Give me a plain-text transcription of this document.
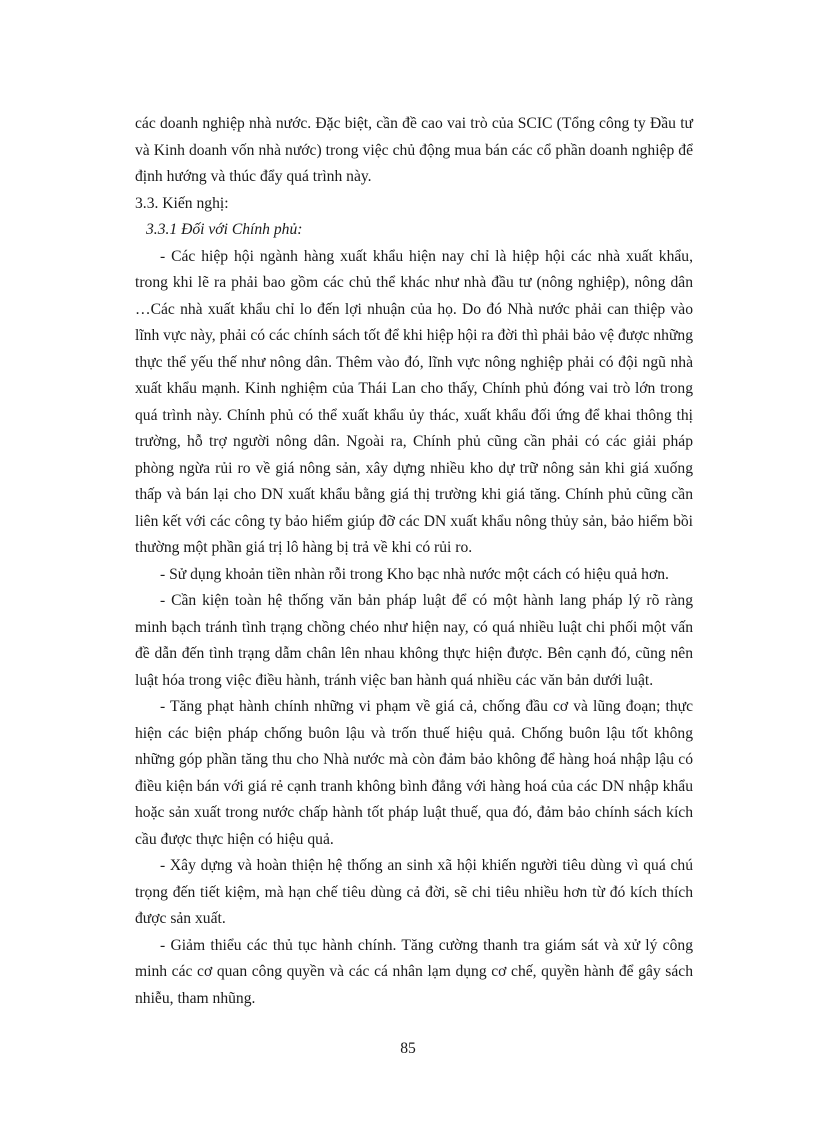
các doanh nghiệp nhà nước. Đặc biệt, cần đề cao vai trò của SCIC (Tổng công ty Đầu tư và Kinh doanh vốn nhà nước) trong việc chủ động mua bán các cổ phần doanh nghiệp để định hướng và thúc đẩy quá trình này.

3.3. Kiến nghị:

3.3.1 Đối với Chính phủ:

- Các hiệp hội ngành hàng xuất khẩu hiện nay chỉ là hiệp hội các nhà xuất khẩu, trong khi lẽ ra phải bao gồm các chủ thể khác như nhà đầu tư (nông nghiệp), nông dân …Các nhà xuất khẩu chỉ lo đến lợi nhuận của họ. Do đó Nhà nước phải can thiệp vào lĩnh vực này, phải có các chính sách tốt để khi hiệp hội ra đời thì phải bảo vệ được những thực thể yếu thế như nông dân. Thêm vào đó, lĩnh vực nông nghiệp phải có đội ngũ nhà xuất khẩu mạnh. Kinh nghiệm của Thái Lan cho thấy, Chính phủ đóng vai trò lớn trong quá trình này. Chính phủ có thể xuất khẩu ủy thác, xuất khẩu đối ứng để khai thông thị trường, hỗ trợ người nông dân. Ngoài ra, Chính phủ cũng cần phải có các giải pháp phòng ngừa rủi ro về giá nông sản, xây dựng nhiều kho dự trữ nông sản khi giá xuống thấp và bán lại cho DN xuất khẩu bằng giá thị trường khi giá tăng. Chính phủ cũng cần liên kết với các công ty bảo hiểm giúp đỡ các DN xuất khẩu nông thủy sản, bảo hiểm bồi thường một phần giá trị lô hàng bị trả về khi có rủi ro.

- Sử dụng khoản tiền nhàn rỗi trong Kho bạc nhà nước một cách có hiệu quả hơn.

- Cần kiện toàn hệ thống văn bản pháp luật để có một hành lang pháp lý rõ ràng minh bạch tránh tình trạng chồng chéo như hiện nay, có quá nhiều luật chi phối một vấn đề dẫn đến tình trạng dẫm chân lên nhau không thực hiện được. Bên cạnh đó, cũng nên luật hóa trong việc điều hành, tránh việc ban hành quá nhiều các văn bản dưới luật.

- Tăng phạt hành chính những vi phạm về giá cả, chống đầu cơ và lũng đoạn; thực hiện các biện pháp chống buôn lậu và trốn thuế hiệu quả. Chống buôn lậu tốt không những góp phần tăng thu cho Nhà nước mà còn đảm bảo không để hàng hoá nhập lậu có điều kiện bán với giá rẻ cạnh tranh không bình đẳng với hàng hoá của các DN nhập khẩu hoặc sản xuất trong nước chấp hành tốt pháp luật thuế, qua đó, đảm bảo chính sách kích cầu được thực hiện có hiệu quả.

- Xây dựng và hoàn thiện hệ thống an sinh xã hội khiến người tiêu dùng vì quá chú trọng đến tiết kiệm, mà hạn chế tiêu dùng cả đời, sẽ chi tiêu nhiều hơn từ đó kích thích được sản xuất.

- Giảm thiểu các thủ tục hành chính. Tăng cường thanh tra giám sát và xử lý công minh các cơ quan công quyền và các cá nhân lạm dụng cơ chế, quyền hành để gây sách nhiễu, tham nhũng.

85
